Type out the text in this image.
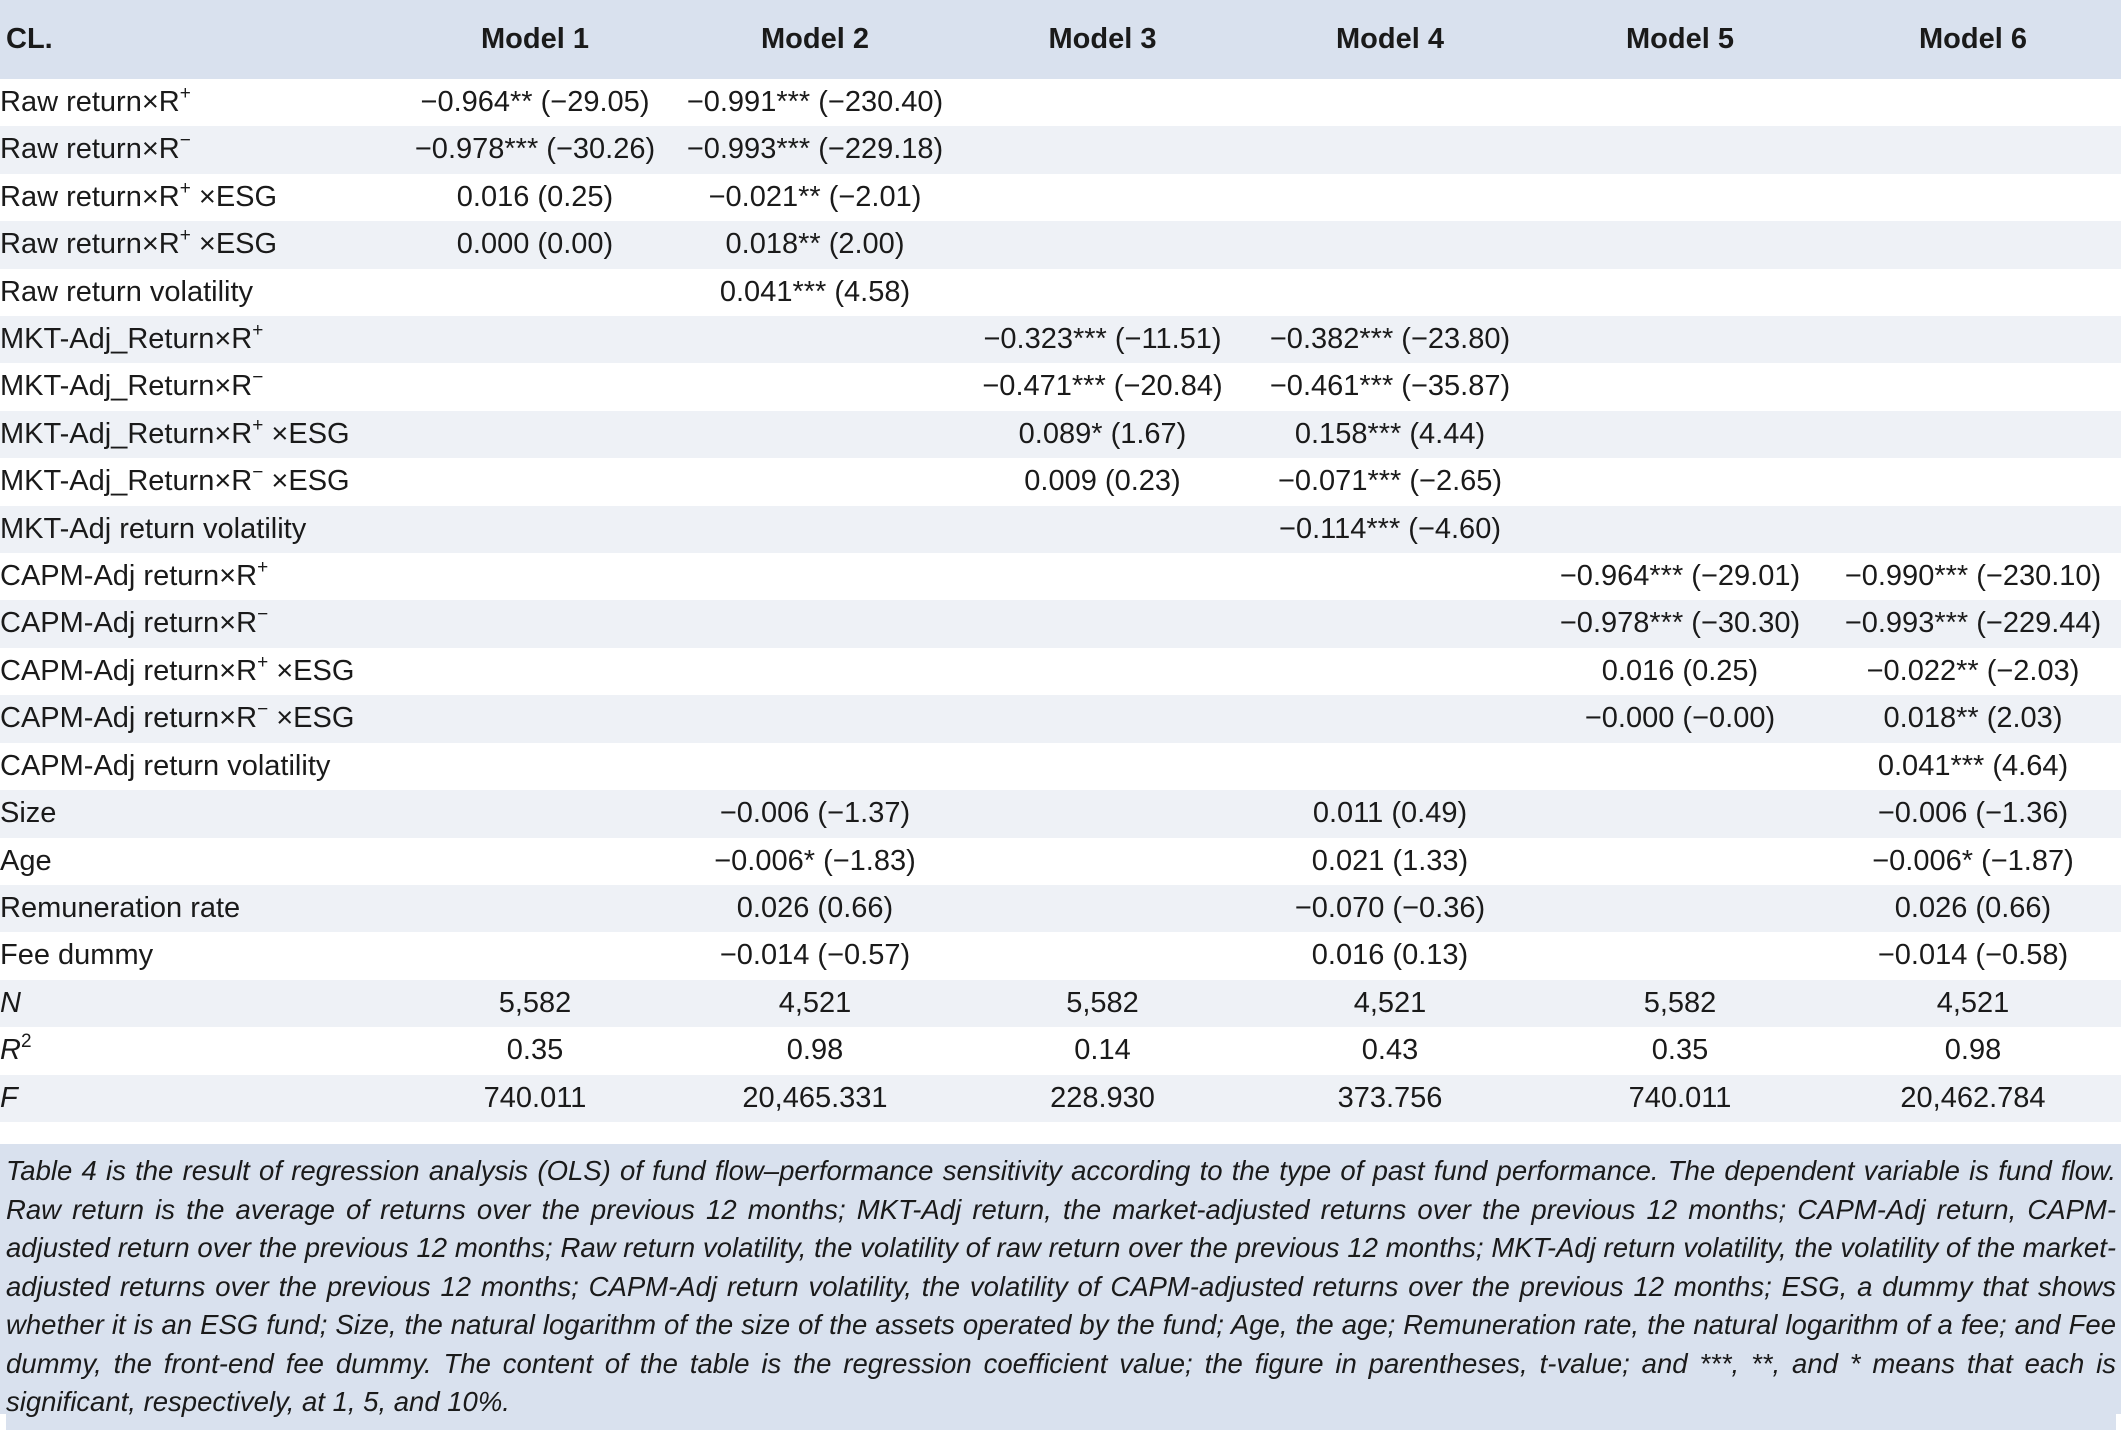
CL.	Model 1	Model 2	Model 3	Model 4	Model 5	Model 6
Raw return×R+	−0.964** (−29.05)	−0.991*** (−230.40)				
Raw return×R−	−0.978*** (−30.26)	−0.993*** (−229.18)				
Raw return×R+ ×ESG	0.016 (0.25)	−0.021** (−2.01)				
Raw return×R+ ×ESG	0.000 (0.00)	0.018** (2.00)				
Raw return volatility		0.041*** (4.58)				
MKT-Adj_Return×R+			−0.323*** (−11.51)	−0.382*** (−23.80)		
MKT-Adj_Return×R−			−0.471*** (−20.84)	−0.461*** (−35.87)		
MKT-Adj_Return×R+ ×ESG			0.089* (1.67)	0.158*** (4.44)		
MKT-Adj_Return×R− ×ESG			0.009 (0.23)	−0.071*** (−2.65)		
MKT-Adj return volatility				−0.114*** (−4.60)		
CAPM-Adj return×R+					−0.964*** (−29.01)	−0.990*** (−230.10)
CAPM-Adj return×R−					−0.978*** (−30.30)	−0.993*** (−229.44)
CAPM-Adj return×R+ ×ESG					0.016 (0.25)	−0.022** (−2.03)
CAPM-Adj return×R− ×ESG					−0.000 (−0.00)	0.018** (2.03)
CAPM-Adj return volatility						0.041*** (4.64)
Size		−0.006 (−1.37)		0.011 (0.49)		−0.006 (−1.36)
Age		−0.006* (−1.83)		0.021 (1.33)		−0.006* (−1.87)
Remuneration rate		0.026 (0.66)		−0.070 (−0.36)		0.026 (0.66)
Fee dummy		−0.014 (−0.57)		0.016 (0.13)		−0.014 (−0.58)
N	5,582	4,521	5,582	4,521	5,582	4,521
$R^2$	0.35	0.98	0.14	0.43	0.35	0.98
F	740.011	20,465.331	228.930	373.756	740.011	20,462.784
Table 4 is the result of regression analysis (OLS) of fund flow–performance sensitivity according to the type of past fund performance. The dependent variable is fund flow. Raw return is the average of returns over the previous 12 months; MKT-Adj return, the market-adjusted returns over the previous 12 months; CAPM-Adj return, CAPM-adjusted return over the previous 12 months; Raw return volatility, the volatility of raw return over the previous 12 months; MKT-Adj return volatility, the volatility of the market-adjusted returns over the previous 12 months; CAPM-Adj return volatility, the volatility of CAPM-adjusted returns over the previous 12 months; ESG, a dummy that shows whether it is an ESG fund; Size, the natural logarithm of the size of the assets operated by the fund; Age, the age; Remuneration rate, the natural logarithm of a fee; and Fee dummy, the front-end fee dummy. The content of the table is the regression coefficient value; the figure in parentheses, t-value; and ***, **, and * means that each is significant, respectively, at 1, 5, and 10%.
